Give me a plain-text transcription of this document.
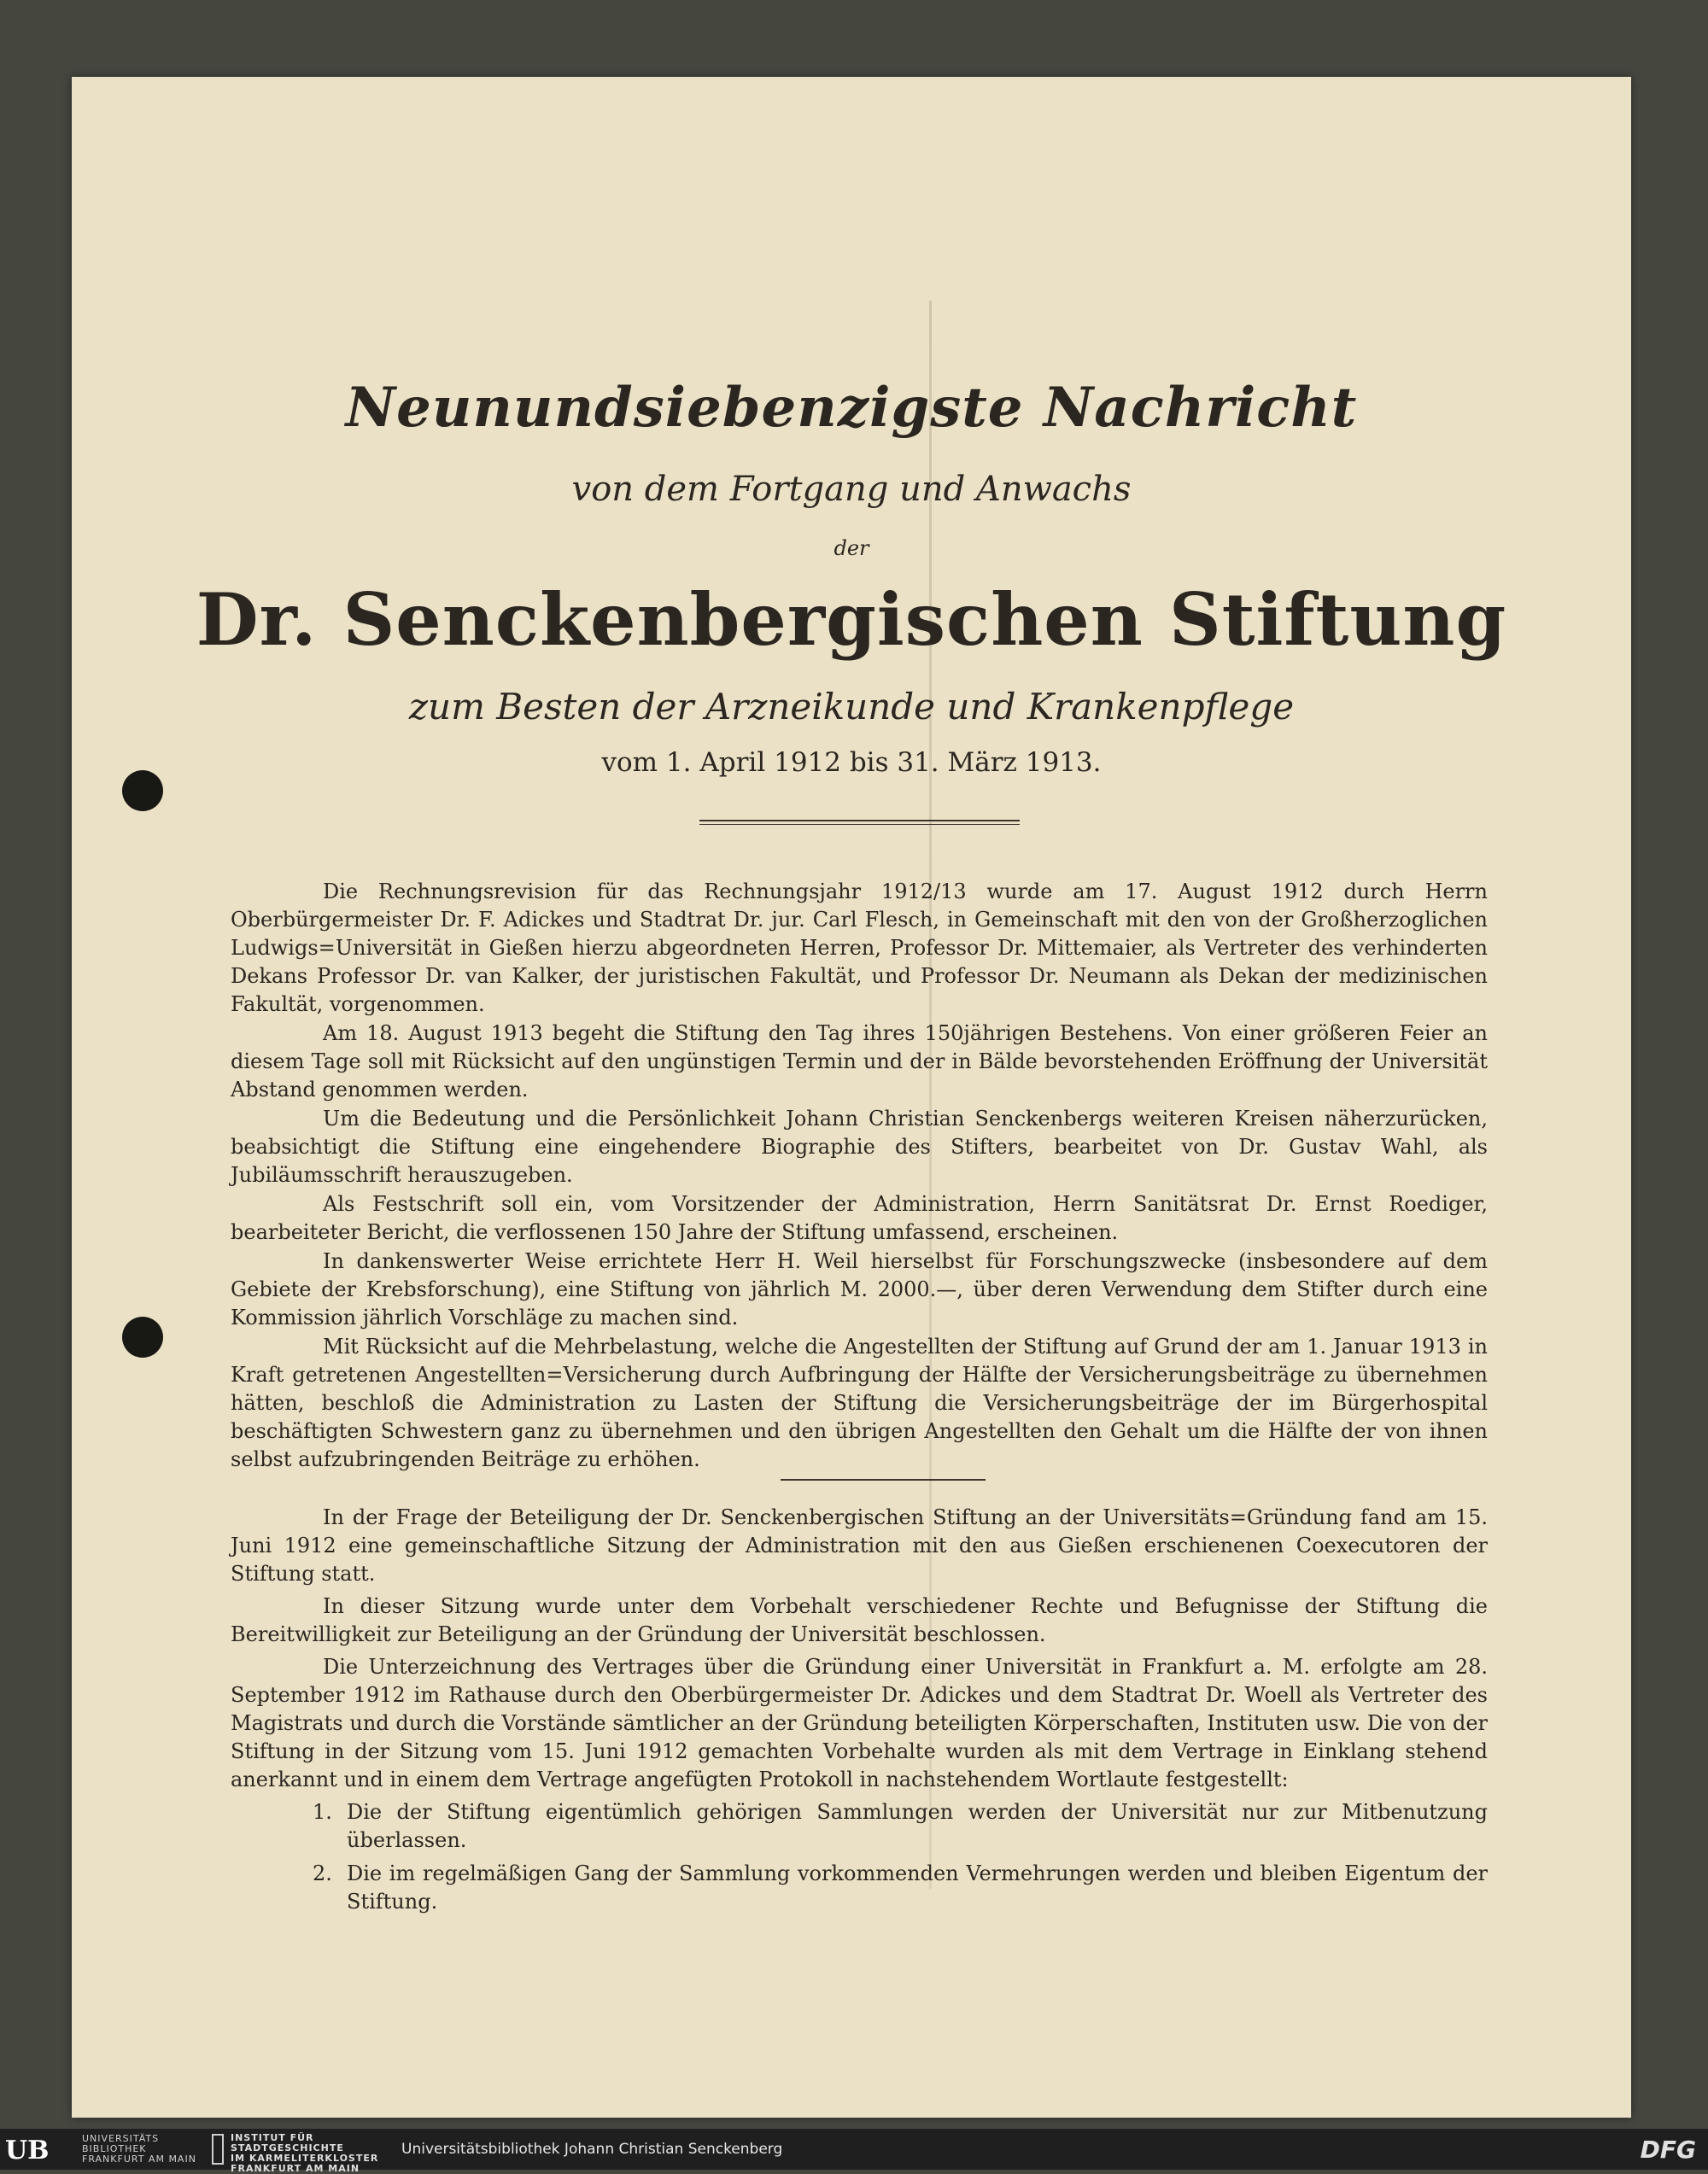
Neunundsiebenzigste Nachricht
von dem Fortgang und Anwachs
der
Dr. Senckenbergischen Stiftung
zum Besten der Arzneikunde und Krankenpflege
vom 1. April 1912 bis 31. März 1913.

Die Rechnungsrevision für das Rechnungsjahr 1912/13 wurde am 17. August 1912 durch Herrn Oberbürgermeister Dr. F. Adickes und Stadtrat Dr. jur. Carl Flesch, in Gemeinschaft mit den von der Großherzoglichen Ludwigs=Universität in Gießen hierzu abgeordneten Herren, Professor Dr. Mittemaier, als Vertreter des verhinderten Dekans Professor Dr. van Kalker, der juristischen Fakultät, und Professor Dr. Neumann als Dekan der medizinischen Fakultät, vorgenommen.

Am 18. August 1913 begeht die Stiftung den Tag ihres 150jährigen Bestehens. Von einer größeren Feier an diesem Tage soll mit Rücksicht auf den ungünstigen Termin und der in Bälde bevorstehenden Eröffnung der Universität Abstand genommen werden.

Um die Bedeutung und die Persönlichkeit Johann Christian Senckenbergs weiteren Kreisen näherzurücken, beabsichtigt die Stiftung eine eingehendere Biographie des Stifters, bearbeitet von Dr. Gustav Wahl, als Jubiläumsschrift herauszugeben.

Als Festschrift soll ein, vom Vorsitzender der Administration, Herrn Sanitätsrat Dr. Ernst Roediger, bearbeiteter Bericht, die verflossenen 150 Jahre der Stiftung umfassend, erscheinen.

In dankenswerter Weise errichtete Herr H. Weil hierselbst für Forschungszwecke (insbesondere auf dem Gebiete der Krebsforschung), eine Stiftung von jährlich M. 2000.—, über deren Verwendung dem Stifter durch eine Kommission jährlich Vorschläge zu machen sind.

Mit Rücksicht auf die Mehrbelastung, welche die Angestellten der Stiftung auf Grund der am 1. Januar 1913 in Kraft getretenen Angestellten=Versicherung durch Aufbringung der Hälfte der Versicherungsbeiträge zu übernehmen hätten, beschloß die Administration zu Lasten der Stiftung die Versicherungsbeiträge der im Bürgerhospital beschäftigten Schwestern ganz zu übernehmen und den übrigen Angestellten den Gehalt um die Hälfte der von ihnen selbst aufzubringenden Beiträge zu erhöhen.

In der Frage der Beteiligung der Dr. Senckenbergischen Stiftung an der Universitäts=Gründung fand am 15. Juni 1912 eine gemeinschaftliche Sitzung der Administration mit den aus Gießen erschienenen Coexecutoren der Stiftung statt.

In dieser Sitzung wurde unter dem Vorbehalt verschiedener Rechte und Befugnisse der Stiftung die Bereitwilligkeit zur Beteiligung an der Gründung der Universität beschlossen.

Die Unterzeichnung des Vertrages über die Gründung einer Universität in Frankfurt a. M. erfolgte am 28. September 1912 im Rathause durch den Oberbürgermeister Dr. Adickes und dem Stadtrat Dr. Woell als Vertreter des Magistrats und durch die Vorstände sämtlicher an der Gründung beteiligten Körperschaften, Instituten usw. Die von der Stiftung in der Sitzung vom 15. Juni 1912 gemachten Vorbehalte wurden als mit dem Vertrage in Einklang stehend anerkannt und in einem dem Vertrage angefügten Protokoll in nachstehendem Wortlaute festgestellt:

1. Die der Stiftung eigentümlich gehörigen Sammlungen werden der Universität nur zur Mitbenutzung überlassen.
2. Die im regelmäßigen Gang der Sammlung vorkommenden Vermehrungen werden und bleiben Eigentum der Stiftung.
UB	UNIVERSITÄTS
BIBLIOTHEK
FRANKFURT AM MAIN
INSTITUT FÜR
STADTGESCHICHTE
IM KARMELITERKLOSTER
FRANKFURT AM MAIN
Universitätsbibliothek Johann Christian Senckenberg	DFG
